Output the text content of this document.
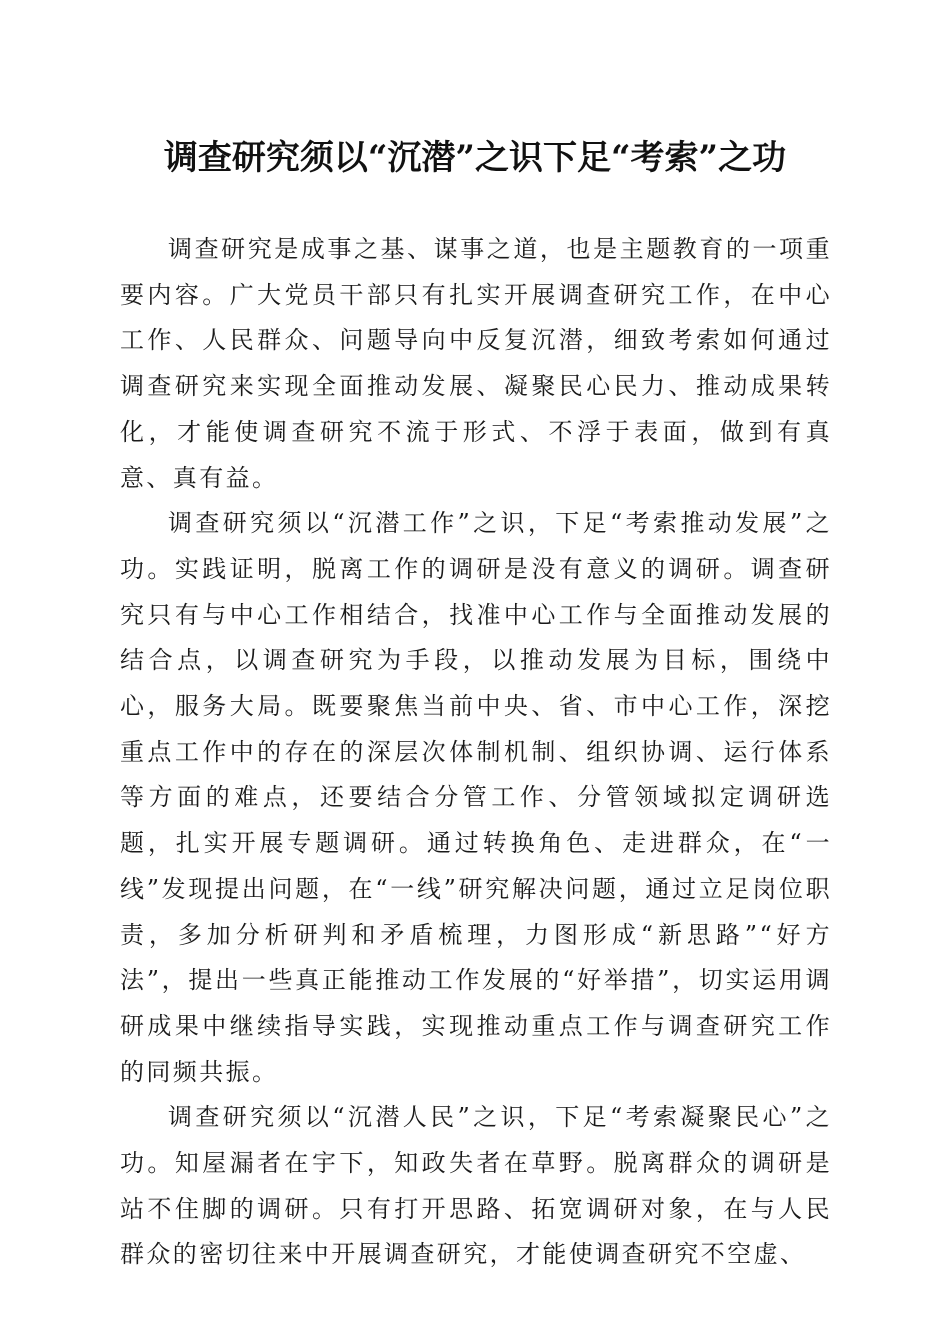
调查研究须以“沉潜”之识下足“考索”之功

调查研究是成事之基、谋事之道，也是主题教育的一项重要内容。广大党员干部只有扎实开展调查研究工作，在中心工作、人民群众、问题导向中反复沉潜，细致考索如何通过调查研究来实现全面推动发展、凝聚民心民力、推动成果转化，才能使调查研究不流于形式、不浮于表面，做到有真意、真有益。

调查研究须以“沉潜工作”之识，下足“考索推动发展”之功。实践证明，脱离工作的调研是没有意义的调研。调查研究只有与中心工作相结合，找准中心工作与全面推动发展的结合点，以调查研究为手段，以推动发展为目标，围绕中心，服务大局。既要聚焦当前中央、省、市中心工作，深挖重点工作中的存在的深层次体制机制、组织协调、运行体系等方面的难点，还要结合分管工作、分管领域拟定调研选题，扎实开展专题调研。通过转换角色、走进群众，在“一线”发现提出问题，在“一线”研究解决问题，通过立足岗位职责，多加分析研判和矛盾梳理，力图形成“新思路”“好方法”，提出一些真正能推动工作发展的“好举措”，切实运用调研成果中继续指导实践，实现推动重点工作与调查研究工作的同频共振。

调查研究须以“沉潜人民”之识，下足“考索凝聚民心”之功。知屋漏者在宇下，知政失者在草野。脱离群众的调研是站不住脚的调研。只有打开思路、拓宽调研对象，在与人民群众的密切往来中开展调查研究，才能使调查研究不空虚、
